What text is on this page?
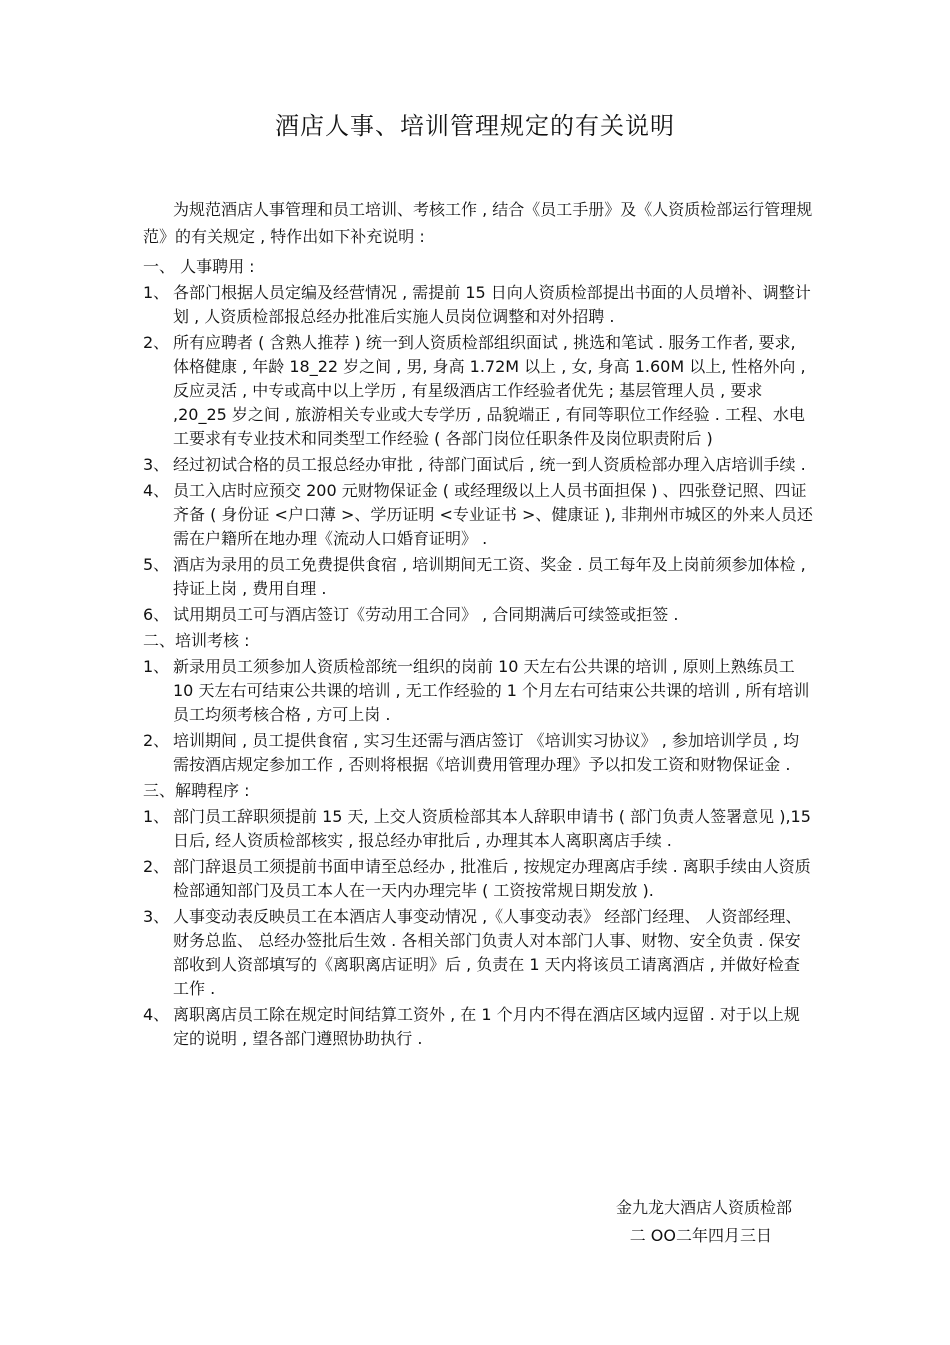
酒店人事、培训管理规定的有关说明

为规范酒店人事管理和员工培训、考核工作 , 结合《员工手册》及《人资质检部运行管理规范》的有关规定 , 特作出如下补充说明 :

一、 人事聘用 :
1、 各部门根据人员定编及经营情况 , 需提前 15 日向人资质检部提出书面的人员增补、调整计划 , 人资质检部报总经办批准后实施人员岗位调整和对外招聘 .
2、 所有应聘者 ( 含熟人推荐 ) 统一到人资质检部组织面试 , 挑选和笔试 . 服务工作者, 要求, 体格健康 , 年龄 18_22 岁之间 , 男, 身高 1.72M 以上 , 女, 身高 1.60M 以上, 性格外向 , 反应灵活 , 中专或高中以上学历 , 有星级酒店工作经验者优先 ; 基层管理人员 , 要求 ,20_25 岁之间 , 旅游相关专业或大专学历 , 品貌端正 , 有同等职位工作经验 . 工程、水电工要求有专业技术和同类型工作经验 ( 各部门岗位任职条件及岗位职责附后 )
3、 经过初试合格的员工报总经办审批 , 待部门面试后 , 统一到人资质检部办理入店培训手续 .
4、 员工入店时应预交 200 元财物保证金 ( 或经理级以上人员书面担保 ) 、四张登记照、四证齐备 ( 身份证 <户口薄 >、学历证明 <专业证书 >、健康证 ), 非荆州市城区的外来人员还需在户籍所在地办理《流动人口婚育证明》 .
5、 酒店为录用的员工免费提供食宿 , 培训期间无工资、奖金 . 员工每年及上岗前须参加体检 , 持证上岗 , 费用自理 .
6、 试用期员工可与酒店签订《劳动用工合同》 , 合同期满后可续签或拒签 .
二、培训考核 :
1、 新录用员工须参加人资质检部统一组织的岗前 10 天左右公共课的培训 , 原则上熟练员工 10 天左右可结束公共课的培训 , 无工作经验的 1 个月左右可结束公共课的培训 , 所有培训员工均须考核合格 , 方可上岗 .
2、 培训期间 , 员工提供食宿 , 实习生还需与酒店签订 《培训实习协议》 , 参加培训学员 , 均需按酒店规定参加工作 , 否则将根据《培训费用管理办理》予以扣发工资和财物保证金 .
三、解聘程序 :
1、 部门员工辞职须提前 15 天, 上交人资质检部其本人辞职申请书 ( 部门负责人签署意见 ),15 日后, 经人资质检部核实 , 报总经办审批后 , 办理其本人离职离店手续 .
2、 部门辞退员工须提前书面申请至总经办 , 批准后 , 按规定办理离店手续 . 离职手续由人资质检部通知部门及员工本人在一天内办理完毕 ( 工资按常规日期发放 ).
3、 人事变动表反映员工在本酒店人事变动情况 ,《人事变动表》 经部门经理、 人资部经理、 财务总监、 总经办签批后生效 . 各相关部门负责人对本部门人事、财物、安全负责 . 保安部收到人资部填写的《离职离店证明》后 , 负责在 1 天内将该员工请离酒店 , 并做好检查工作 .
4、 离职离店员工除在规定时间结算工资外 , 在 1 个月内不得在酒店区域内逗留 . 对于以上规定的说明 , 望各部门遵照协助执行 .
金九龙大酒店人资质检部
二 OO二年四月三日
